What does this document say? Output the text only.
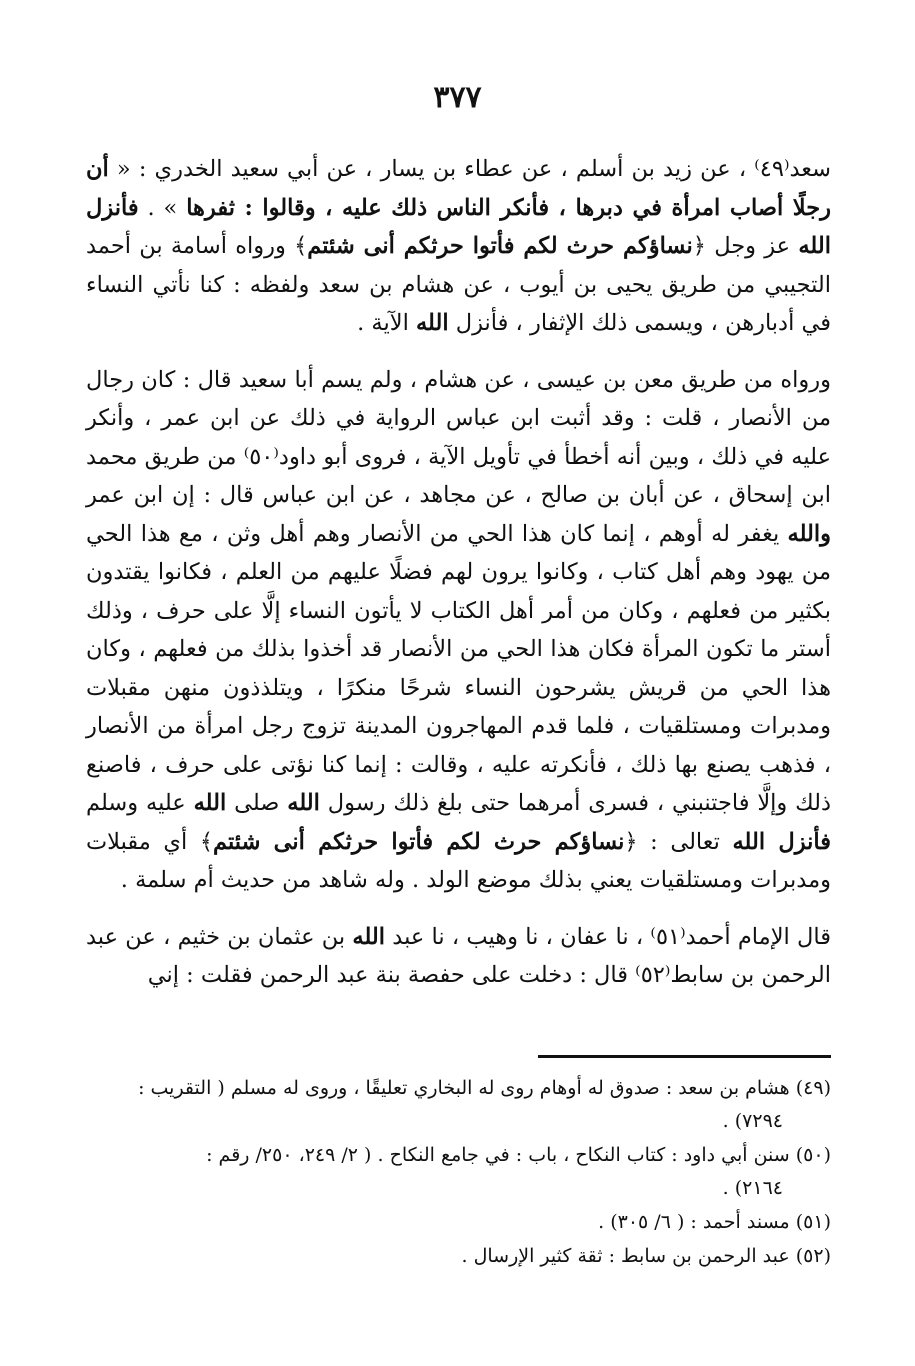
٣٧٧

سعد⁽٤٩⁾ ، عن زيد بن أسلم ، عن عطاء بن يسار ، عن أبي سعيد الخدري : « أن رجلًا أصاب امرأة في دبرها ، فأنكر الناس ذلك عليه ، وقالوا : ثفرها » . فأنزل الله عز وجل ﴿نساؤكم حرث لكم فأتوا حرثكم أنى شئتم﴾ ورواه أسامة بن أحمد التجيبي من طريق يحيى بن أيوب ، عن هشام بن سعد ولفظه : كنا نأتي النساء في أدبارهن ، ويسمى ذلك الإثفار ، فأنزل الله الآية .

ورواه من طريق معن بن عيسى ، عن هشام ، ولم يسم أبا سعيد قال : كان رجال من الأنصار ، قلت : وقد أثبت ابن عباس الرواية في ذلك عن ابن عمر ، وأنكر عليه في ذلك ، وبين أنه أخطأ في تأويل الآية ، فروى أبو داود⁽٥٠⁾ من طريق محمد ابن إسحاق ، عن أبان بن صالح ، عن مجاهد ، عن ابن عباس قال : إن ابن عمر والله يغفر له أوهم ، إنما كان هذا الحي من الأنصار وهم أهل وثن ، مع هذا الحي من يهود وهم أهل كتاب ، وكانوا يرون لهم فضلًا عليهم من العلم ، فكانوا يقتدون بكثير من فعلهم ، وكان من أمر أهل الكتاب لا يأتون النساء إلَّا على حرف ، وذلك أستر ما تكون المرأة فكان هذا الحي من الأنصار قد أخذوا بذلك من فعلهم ، وكان هذا الحي من قريش يشرحون النساء شرحًا منكرًا ، ويتلذذون منهن مقبلات ومدبرات ومستلقيات ، فلما قدم المهاجرون المدينة تزوج رجل امرأة من الأنصار ، فذهب يصنع بها ذلك ، فأنكرته عليه ، وقالت : إنما كنا نؤتى على حرف ، فاصنع ذلك وإلَّا فاجتنبني ، فسرى أمرهما حتى بلغ ذلك رسول الله صلى الله عليه وسلم فأنزل الله تعالى : ﴿نساؤكم حرث لكم فأتوا حرثكم أنى شئتم﴾ أي مقبلات ومدبرات ومستلقيات يعني بذلك موضع الولد . وله شاهد من حديث أم سلمة .

قال الإمام أحمد⁽٥١⁾ ، نا عفان ، نا وهيب ، نا عبد الله بن عثمان بن خثيم ، عن عبد الرحمن بن سابط⁽٥٢⁾ قال : دخلت على حفصة بنة عبد الرحمن فقلت : إني

(٤٩) هشام بن سعد : صدوق له أوهام روى له البخاري تعليقًا ، وروى له مسلم ( التقريب :
٧٢٩٤) .
(٥٠) سنن أبي داود : كتاب النكاح ، باب : في جامع النكاح . ( ٢/ ٢٤٩، ٢٥٠/ رقم :
٢١٦٤) .
(٥١) مسند أحمد : ( ٦/ ٣٠٥) .
(٥٢) عبد الرحمن بن سابط : ثقة كثير الإرسال .
